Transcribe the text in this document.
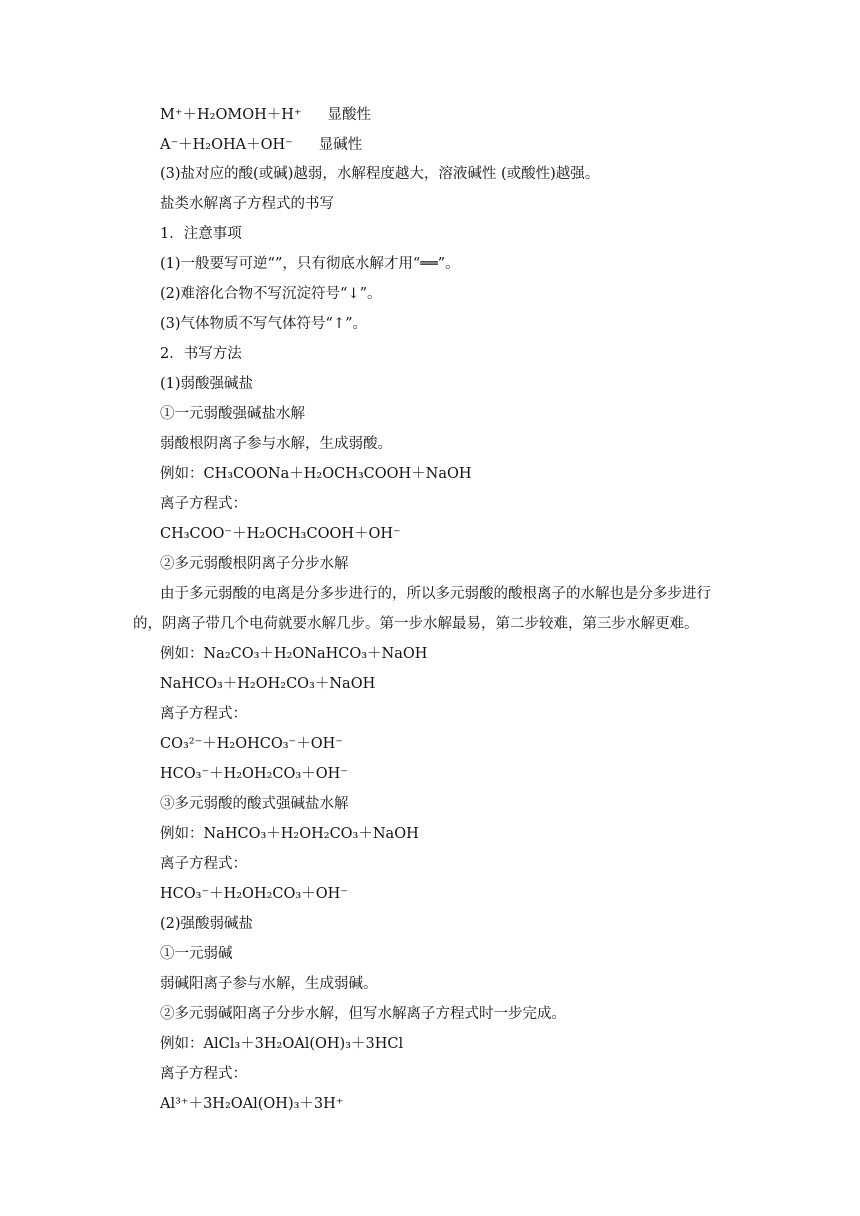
M⁺＋H₂OMOH＋H⁺ 显酸性
A⁻＋H₂OHA＋OH⁻ 显碱性
(3)盐对应的酸(或碱)越弱，水解程度越大，溶液碱性 (或酸性)越强。
盐类水解离子方程式的书写
1．注意事项
(1)一般要写可逆“”，只有彻底水解才用“══”。
(2)难溶化合物不写沉淀符号“↓”。
(3)气体物质不写气体符号“↑”。
2．书写方法
(1)弱酸强碱盐
①一元弱酸强碱盐水解
弱酸根阴离子参与水解，生成弱酸。
例如：CH₃COONa＋H₂OCH₃COOH＋NaOH
离子方程式：
CH₃COO⁻＋H₂OCH₃COOH＋OH⁻
②多元弱酸根阴离子分步水解
由于多元弱酸的电离是分多步进行的，所以多元弱酸的酸根离子的水解也是分多步进行
的，阴离子带几个电荷就要水解几步。第一步水解最易，第二步较难，第三步水解更难。
例如：Na₂CO₃＋H₂ONaHCO₃＋NaOH
NaHCO₃＋H₂OH₂CO₃＋NaOH
离子方程式：
CO₃²⁻＋H₂OHCO₃⁻＋OH⁻
HCO₃⁻＋H₂OH₂CO₃＋OH⁻
③多元弱酸的酸式强碱盐水解
例如：NaHCO₃＋H₂OH₂CO₃＋NaOH
离子方程式：
HCO₃⁻＋H₂OH₂CO₃＋OH⁻
(2)强酸弱碱盐
①一元弱碱
弱碱阳离子参与水解，生成弱碱。
②多元弱碱阳离子分步水解，但写水解离子方程式时一步完成。
例如：AlCl₃＋3H₂OAl(OH)₃＋3HCl
离子方程式：
Al³⁺＋3H₂OAl(OH)₃＋3H⁺
